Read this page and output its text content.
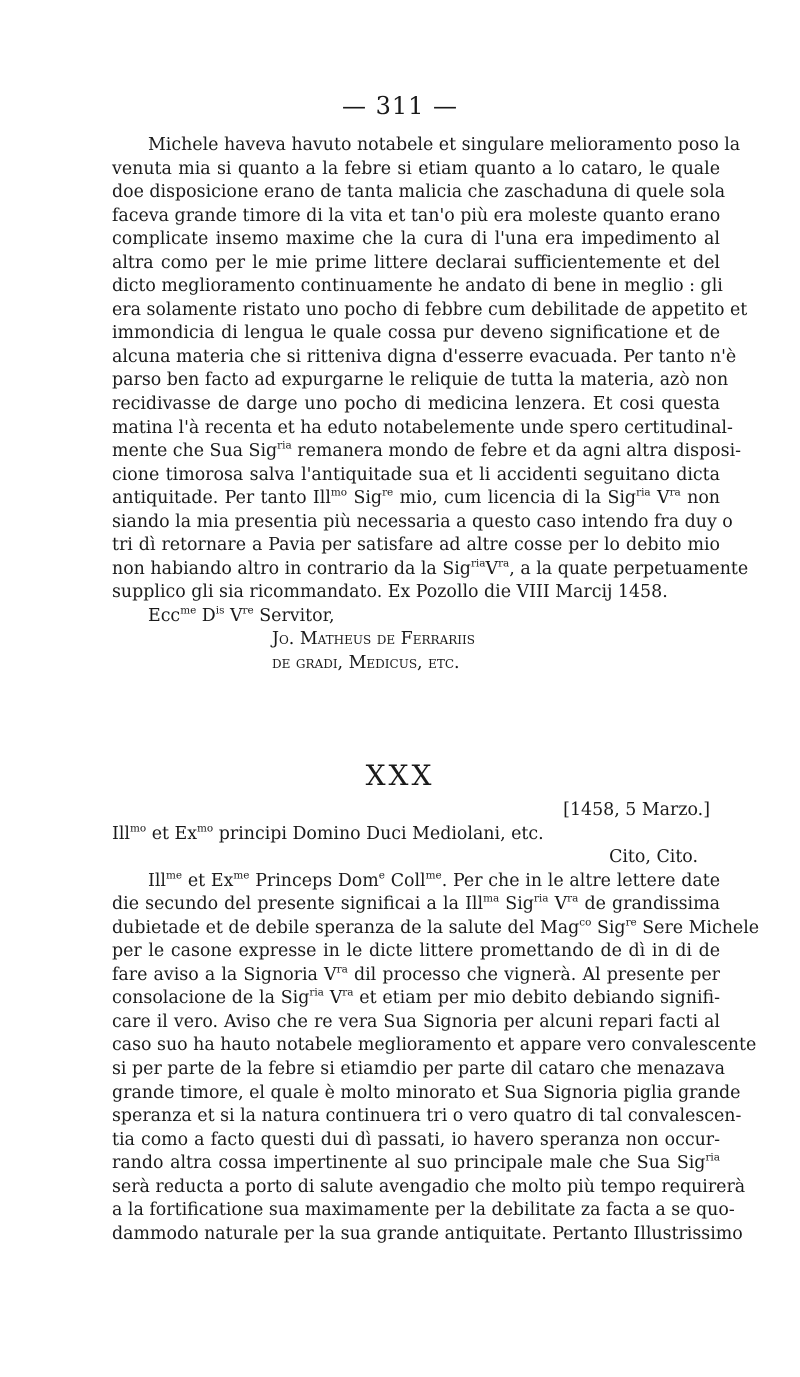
— 311 —
Michele haveva havuto notabele et singulare melioramento poso la
venuta mia si quanto a la febre si etiam quanto a lo cataro, le quale
doe disposicione erano de tanta malicia che zaschaduna di quele sola
faceva grande timore di la vita et tan'o più era moleste quanto erano
complicate insemo maxime che la cura di l'una era impedimento al
altra como per le mie prime littere declarai sufficientemente et del
dicto meglioramento continuamente he andato di bene in meglio : gli
era solamente ristato uno pocho di febbre cum debilitade de appetito et
immondicia di lengua le quale cossa pur deveno significatione et de
alcuna materia che si ritteniva digna d'esserre evacuada. Per tanto n'è
parso ben facto ad expurgarne le reliquie de tutta la materia, azò non
recidivasse de darge uno pocho di medicina lenzera. Et cosi questa
matina l'à recenta et ha eduto notabelemente unde spero certitudinal-
mente che Sua Sig$^{ria}$ remanera mondo de febre et da agni altra disposi-
cione timorosa salva l'antiquitade sua et li accidenti seguitano dicta
antiquitade. Per tanto Ill$^{mo}$ Sig$^{re}$ mio, cum licencia di la Sig$^{ria}$ $V^{ra}$ non
siando la mia presentia più necessaria a questo caso intendo fra duy o
tri dì retornare a Pavia per satisfare ad altre cosse per lo debito mio
non habiando altro in contrario da la $Sig^{ria}V^{ra}$, a la quate perpetuamente
supplico gli sia ricommandato. Ex Pozollo die VIII Marcij 1458.
Ecc$^{me}$ $D^{is}$ Vre Servitor,
Jo. Matheus de Ferrariis
de gradi, Medicus, etc.
XXX
[1458, 5 Marzo.]
Ill$^{mo}$ et $Ex^{mo}$ principi Domino Duci Mediolani, etc.
Cito, Cito.
Ill$^{me}$ et $Ex^{me}$ Princeps Dom$^e$ Coll$^{me}$. Per che in le altre lettere date
die secundo del presente significai a la Ill$^{ma}$ Sig$^{ria}$ $V^{ra}$ de grandissima
dubietade et de debile speranza de la salute del Mag$^{co}$ Sig$^{re}$ Sere Michele
per le casone expresse in le dicte littere promettando de dì in di de
fare aviso a la Signoria $V^{ra}$ dil processo che vignerà. Al presente per
consolacione de la Sig$^{ria}$ $V^{ra}$ et etiam per mio debito debiando signifi-
care il vero. Aviso che re vera Sua Signoria per alcuni repari facti al
caso suo ha hauto notabele meglioramento et appare vero convalescente
si per parte de la febre si etiamdio per parte dil cataro che menazava
grande timore, el quale è molto minorato et Sua Signoria piglia grande
speranza et si la natura continuera tri o vero quatro di tal convalescen-
tia como a facto questi dui dì passati, io havero speranza non occur-
rando altra cossa impertinente al suo principale male che Sua Sig$^{ria}$
serà reducta a porto di salute avengadio che molto più tempo requirerà
a la fortificatione sua maximamente per la debilitate za facta a se quo-
dammodo naturale per la sua grande antiquitate. Pertanto Illustrissimo
